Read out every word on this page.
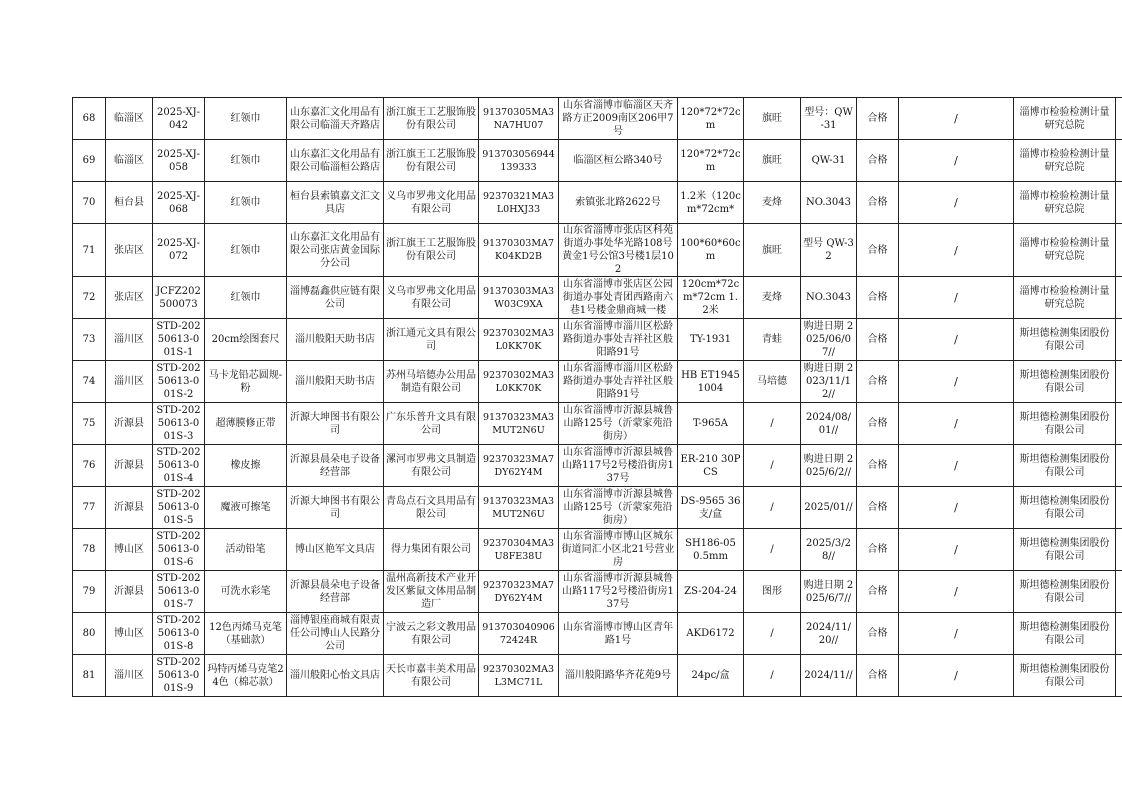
68	临淄区	2025-XJ-042	红领巾	山东嘉汇文化用品有限公司临淄天齐路店	浙江旗王工艺服饰股份有限公司	91370305MA3NA7HU07	山东省淄博市临淄区天齐路方正2009南区206甲7号	120*72*72cm	旗旺	型号：QW-31	合格	/	淄博市检验检测计量研究总院	
69	临淄区	2025-XJ-058	红领巾	山东嘉汇文化用品有限公司临淄桓公路店	浙江旗王工艺服饰股份有限公司	913703056944139333	临淄区桓公路340号	120*72*72cm	旗旺	QW-31	合格	/	淄博市检验检测计量研究总院	
70	桓台县	2025-XJ-068	红领巾	桓台县索镇嘉文汇文具店	义乌市罗弗文化用品有限公司	92370321MA3L0HXJ33	索镇张北路2622号	1.2米（120cm*72cm*	麦烽	NO.3043	合格	/	淄博市检验检测计量研究总院	
71	张店区	2025-XJ-072	红领巾	山东嘉汇文化用品有限公司张店黄金国际分公司	浙江旗王工艺服饰股份有限公司	91370303MA7K04KD2B	山东省淄博市张店区科苑街道办事处华光路108号黄金1号公馆3号楼1层102	100*60*60cm	旗旺	型号 QW-32	合格	/	淄博市检验检测计量研究总院	
72	张店区	JCFZ202500073	红领巾	淄博磊鑫供应链有限公司	义乌市罗弗文化用品有限公司	91370303MA3W03C9XA	山东省淄博市张店区公园街道办事处青团西路南六巷1号楼金鼎商城一楼	120cm*72cm*72cm 1.2米	麦烽	NO.3043	合格	/	淄博市检验检测计量研究总院	
73	淄川区	STD-20250613-001S-1	20cm绘图套尺	淄川般阳天助书店	浙江通元文具有限公司	92370302MA3L0KK70K	山东省淄博市淄川区松龄路街道办事处吉祥社区般阳路91号	TY-1931	青蛙	购进日期 2025/06/07//	合格	/	斯坦德检测集团股份有限公司	
74	淄川区	STD-20250613-001S-2	马卡龙铅芯圆规-粉	淄川般阳天助书店	苏州马培德办公用品制造有限公司	92370302MA3L0KK70K	山东省淄博市淄川区松龄路街道办事处吉祥社区般阳路91号	HB ET19451004	马培德	购进日期 2023/11/12//	合格	/	斯坦德检测集团股份有限公司	
75	沂源县	STD-20250613-001S-3	超薄膜修正带	沂源大坤图书有限公司	广东乐普升文具有限公司	91370323MA3MUT2N6U	山东省淄博市沂源县城鲁山路125号（沂蒙家苑沿街房）	T-965A	/	2024/08/01//	合格	/	斯坦德检测集团股份有限公司	
76	沂源县	STD-20250613-001S-4	橡皮擦	沂源县晨朵电子设备经营部	漯河市罗弗文具制造有限公司	92370323MA7DY62Y4M	山东省淄博市沂源县城鲁山路117号2号楼沿街房137号	ER-210 30PCS	/	购进日期 2025/6/2//	合格	/	斯坦德检测集团股份有限公司	
77	沂源县	STD-20250613-001S-5	魔液可擦笔	沂源大坤图书有限公司	青岛点石文具用品有限公司	91370323MA3MUT2N6U	山东省淄博市沂源县城鲁山路125号（沂蒙家苑沿街房）	DS-9565 36支/盒	/	2025/01//	合格	/	斯坦德检测集团股份有限公司	
78	博山区	STD-20250613-001S-6	活动铅笔	博山区艳军文具店	得力集团有限公司	92370304MA3U8FE38U	山东省淄博市博山区城东街道同汇小区北21号营业房	SH186-05 0.5mm	/	2025/3/28//	合格	/	斯坦德检测集团股份有限公司	
79	沂源县	STD-20250613-001S-7	可洗水彩笔	沂源县晨朵电子设备经营部	温州高新技术产业开发区紫鼠文体用品制造厂	92370323MA7DY62Y4M	山东省淄博市沂源县城鲁山路117号2号楼沿街房137号	ZS-204-24	图形	购进日期 2025/6/7//	合格	/	斯坦德检测集团股份有限公司	
80	博山区	STD-20250613-001S-8	12色丙烯马克笔（基础款）	淄博银座商城有限责任公司博山人民路分公司	宁波云之彩文教用品有限公司	91370304090672424R	山东省淄博市博山区青年路1号	AKD6172	/	2024/11/20//	合格	/	斯坦德检测集团股份有限公司	
81	淄川区	STD-20250613-001S-9	玛特丙烯马克笔24色（棉芯款）	淄川般阳心怡文具店	天长市嘉丰美术用品有限公司	92370302MA3L3MC71L	淄川般阳路华齐花苑9号	24pc/盒	/	2024/11//	合格	/	斯坦德检测集团股份有限公司	
